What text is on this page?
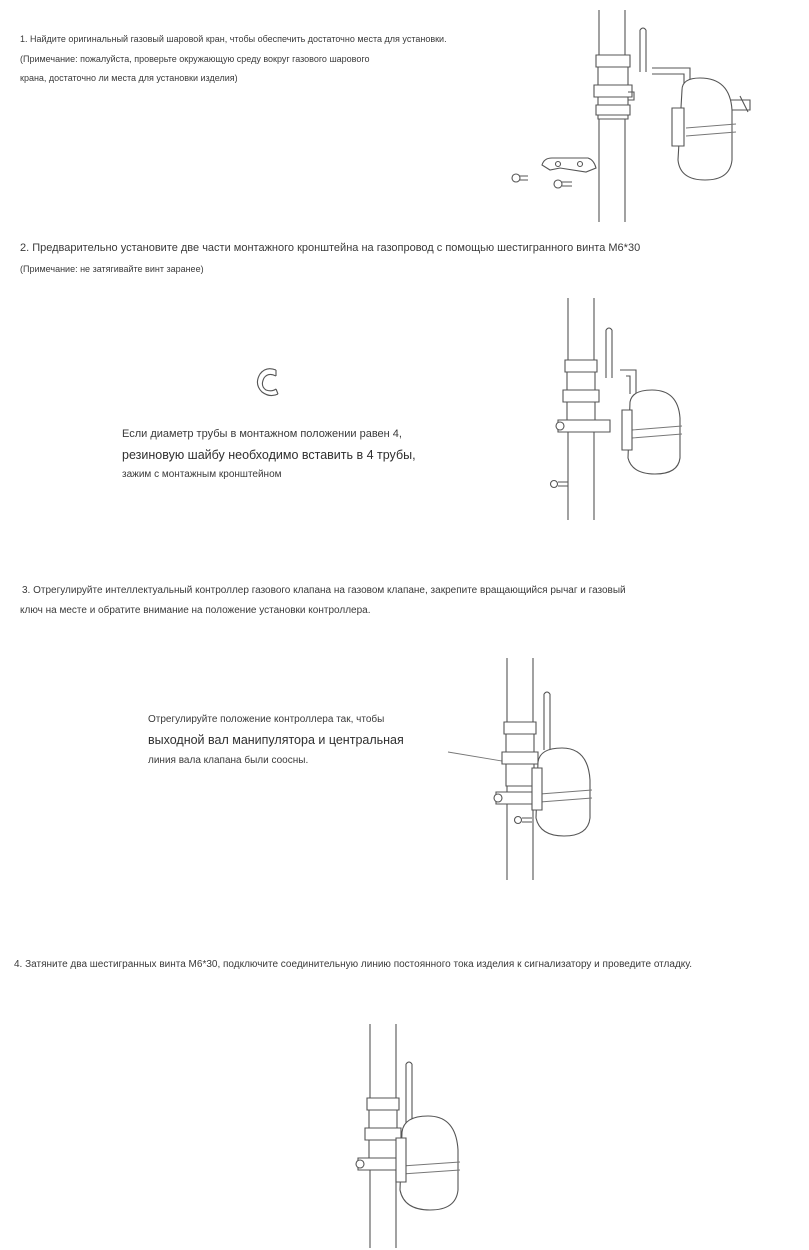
1. Найдите оригинальный газовый шаровой кран, чтобы обеспечить достаточно места для установки.
(Примечание: пожалуйста, проверьте окружающую среду вокруг газового шарового
крана, достаточно ли места для установки изделия)
2. Предварительно установите две части монтажного кронштейна на газопровод с помощью шестигранного винта M6*30
(Примечание: не затягивайте винт заранее)
Если диаметр трубы в монтажном положении равен 4,
резиновую шайбу необходимо вставить в 4 трубы,
зажим с монтажным кронштейном
3. Отрегулируйте интеллектуальный контроллер газового клапана на газовом клапане, закрепите вращающийся рычаг и газовый
ключ на месте и обратите внимание на положение установки контроллера.
Отрегулируйте положение контроллера так, чтобы
выходной вал манипулятора и центральная
линия вала клапана были соосны.
4. Затяните два шестигранных винта M6*30, подключите соединительную линию постоянного тока изделия к сигнализатору и проведите отладку.
